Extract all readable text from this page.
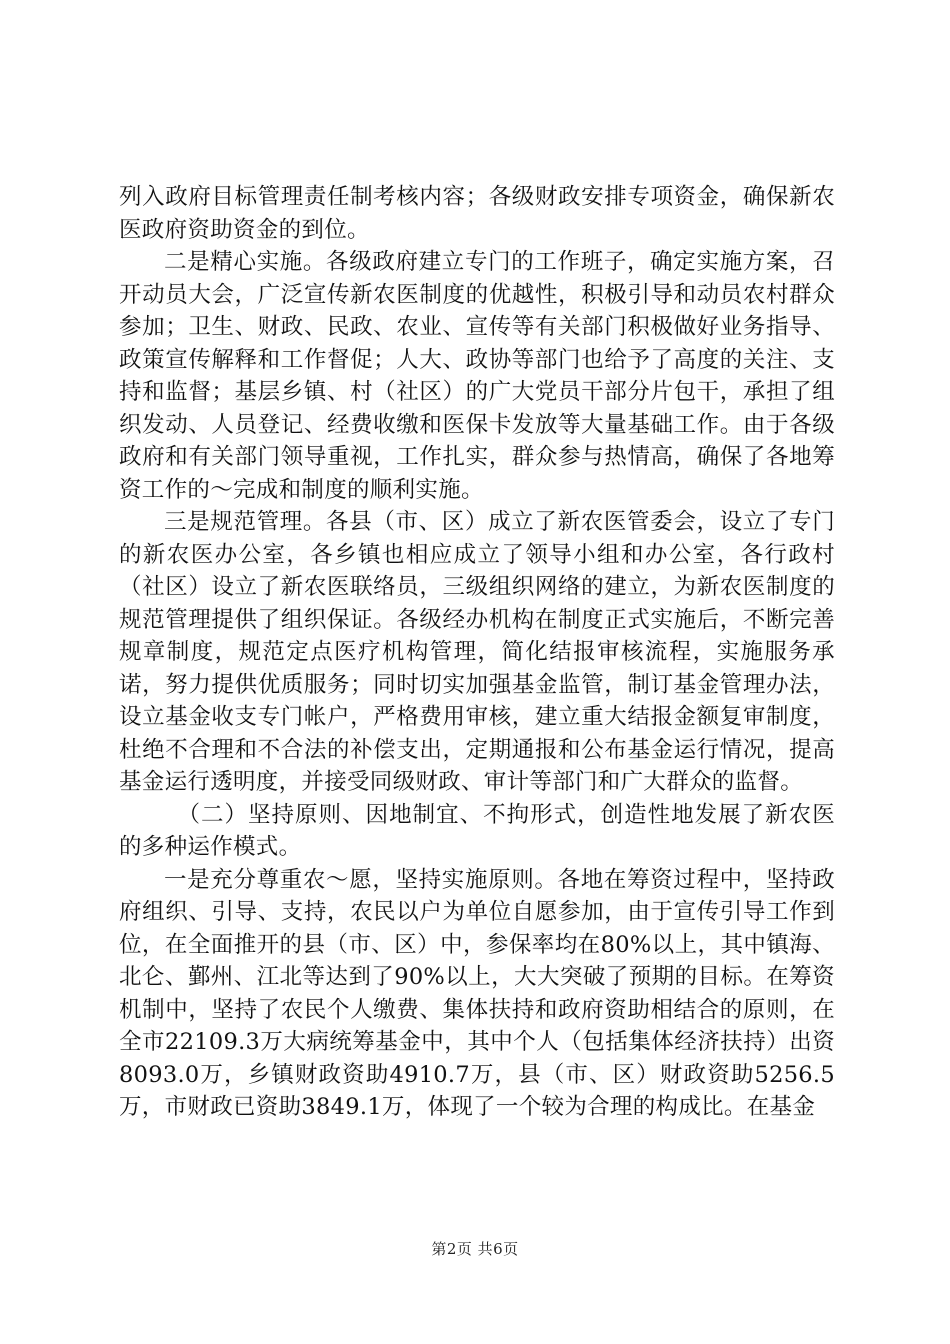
列入政府目标管理责任制考核内容；各级财政安排专项资金，确保新农医政府资助资金的到位。

二是精心实施。各级政府建立专门的工作班子，确定实施方案，召开动员大会，广泛宣传新农医制度的优越性，积极引导和动员农村群众参加；卫生、财政、民政、农业、宣传等有关部门积极做好业务指导、政策宣传解释和工作督促；人大、政协等部门也给予了高度的关注、支持和监督；基层乡镇、村（社区）的广大党员干部分片包干，承担了组织发动、人员登记、经费收缴和医保卡发放等大量基础工作。由于各级政府和有关部门领导重视，工作扎实，群众参与热情高，确保了各地筹资工作的～完成和制度的顺利实施。

三是规范管理。各县（市、区）成立了新农医管委会，设立了专门的新农医办公室，各乡镇也相应成立了领导小组和办公室，各行政村（社区）设立了新农医联络员，三级组织网络的建立，为新农医制度的规范管理提供了组织保证。各级经办机构在制度正式实施后，不断完善规章制度，规范定点医疗机构管理，简化结报审核流程，实施服务承诺，努力提供优质服务；同时切实加强基金监管，制订基金管理办法，设立基金收支专门帐户，严格费用审核，建立重大结报金额复审制度，杜绝不合理和不合法的补偿支出，定期通报和公布基金运行情况，提高基金运行透明度，并接受同级财政、审计等部门和广大群众的监督。

（二）坚持原则、因地制宜、不拘形式，创造性地发展了新农医的多种运作模式。

一是充分尊重农～愿，坚持实施原则。各地在筹资过程中，坚持政府组织、引导、支持，农民以户为单位自愿参加，由于宣传引导工作到位，在全面推开的县（市、区）中，参保率均在80%以上，其中镇海、北仑、鄞州、江北等达到了90%以上，大大突破了预期的目标。在筹资机制中，坚持了农民个人缴费、集体扶持和政府资助相结合的原则，在全市22109.3万大病统筹基金中，其中个人（包括集体经济扶持）出资8093.0万，乡镇财政资助4910.7万，县（市、区）财政资助5256.5万，市财政已资助3849.1万，体现了一个较为合理的构成比。在基金

第2页 共6页
